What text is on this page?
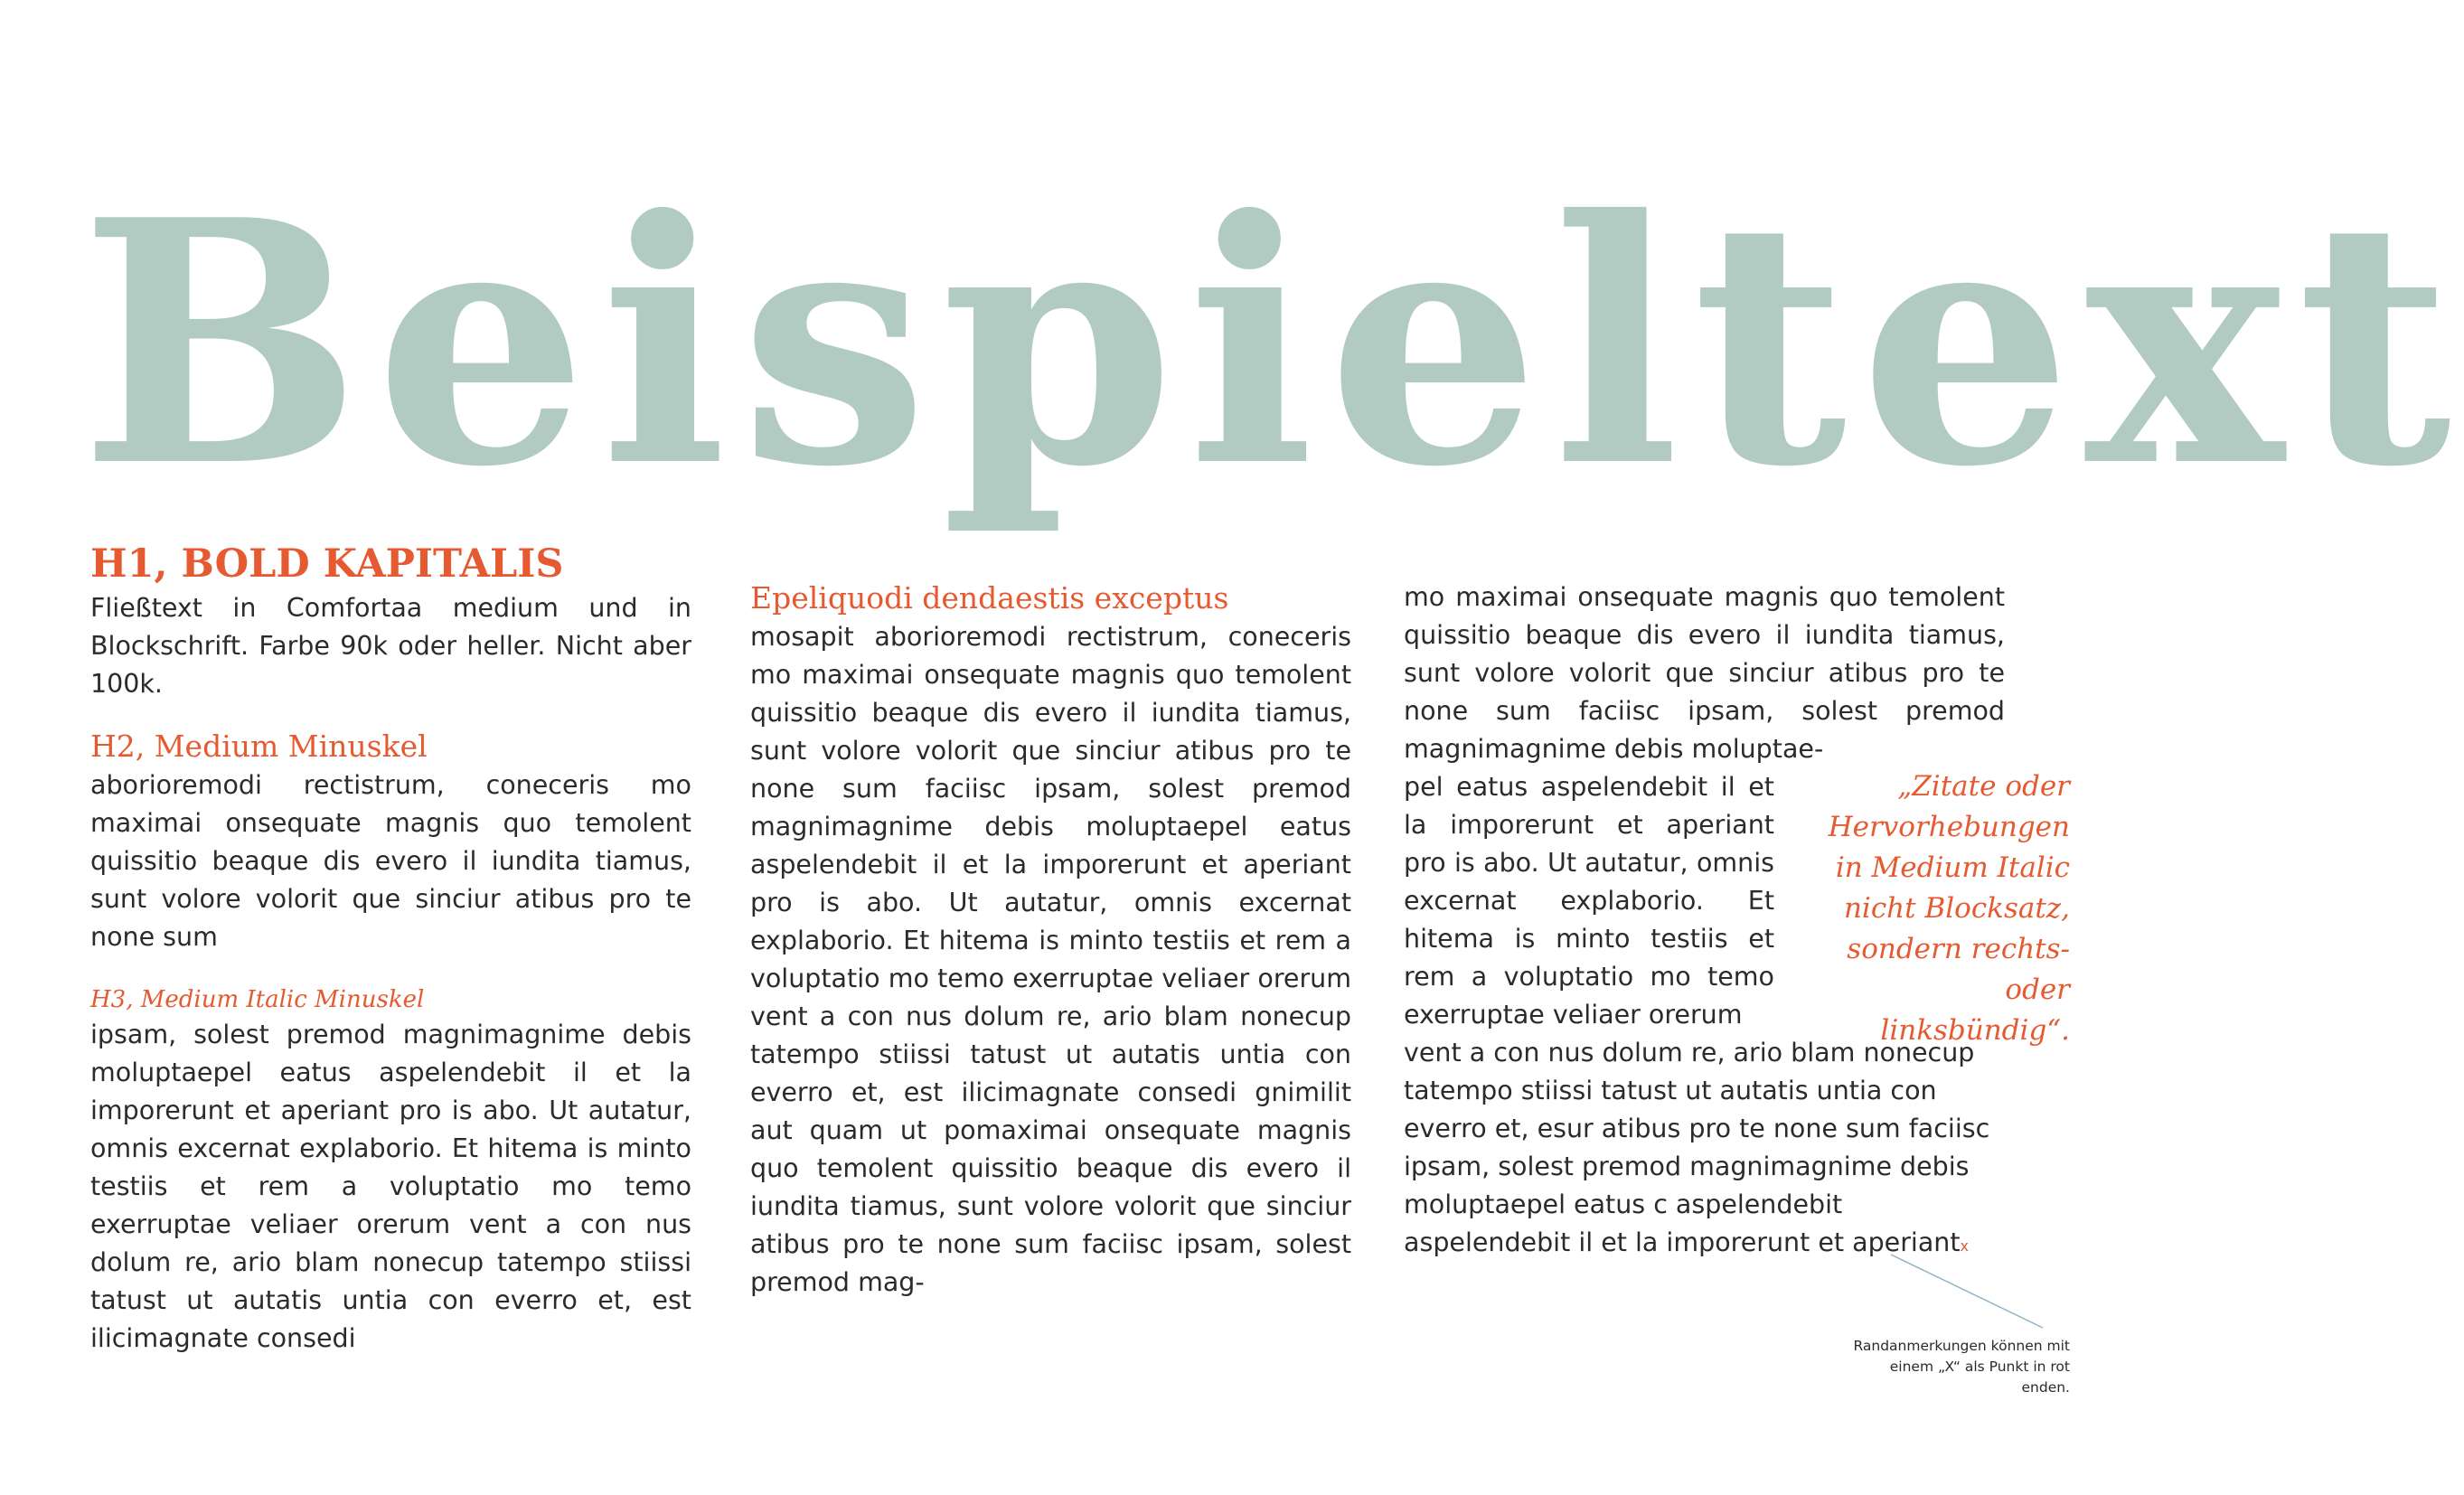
Beispieltext
H1, BOLD KAPITALIS

Fließtext in Comfortaa medium und in Blockschrift. Farbe 90k oder heller. Nicht aber 100k.

H2, Medium Minuskel

aborioremodi rectistrum, coneceris mo maximai onsequate magnis quo temolent quissitio beaque dis evero il iundita tiamus, sunt volore volorit que sinciur atibus pro te none sum

H3, Medium Italic Minuskel

ipsam, solest premod magnimagnime debis moluptaepel eatus aspelendebit il et la imporerunt et aperiant pro is abo. Ut autatur, omnis excernat explaborio. Et hitema is minto testiis et rem a voluptatio mo temo exerruptae veliaer orerum vent a con nus dolum re, ario blam nonecup tatempo stiissi tatust ut autatis untia con everro et, est ilicimagnate consedi

Epeliquodi dendaestis exceptus

mosapit aborioremodi rectistrum, coneceris mo maximai onsequate magnis quo temolent quissitio beaque dis evero il iundita tiamus, sunt volore volorit que sinciur atibus pro te none sum faciisc ipsam, solest premod magnimagnime debis moluptaepel eatus aspelendebit il et la imporerunt et aperiant pro is abo. Ut autatur, omnis excernat explaborio. Et hitema is minto testiis et rem a voluptatio mo temo exerruptae veliaer orerum vent a con nus dolum re, ario blam nonecup tatempo stiissi tatust ut autatis untia con everro et, est ilicimagnate consedi gnimilit aut quam ut pomaximai onsequate magnis quo temolent quissitio beaque dis evero il iundita tiamus, sunt volore volorit que sinciur atibus pro te none sum faciisc ipsam, solest premod mag-

mo maximai onsequate magnis quo temolent quissitio beaque dis evero il iundita tiamus, sunt volore volorit que sinciur atibus pro te none sum faciisc ipsam, solest premod magnimagnime debis moluptae-

pel eatus aspelendebit il et la imporerunt et aperiant pro is abo. Ut autatur, omnis excernat explaborio. Et hitema is minto testiis et rem a voluptatio mo temo exerruptae veliaer orerum

vent a con nus dolum re, ario blam nonecup tatempo stiissi tatust ut autatis untia con everro et, esur atibus pro te none sum faciisc ipsam, solest premod magnimagnime debis moluptaepel eatus c aspelendebit aspelendebit il et la imporerunt et aperiantx

„Zitate oder Hervorhebungen in Medium Italic nicht Blocksatz, sondern rechts- oder linksbündig“.

Randanmerkungen können mit einem „X“ als Punkt in rot enden.
